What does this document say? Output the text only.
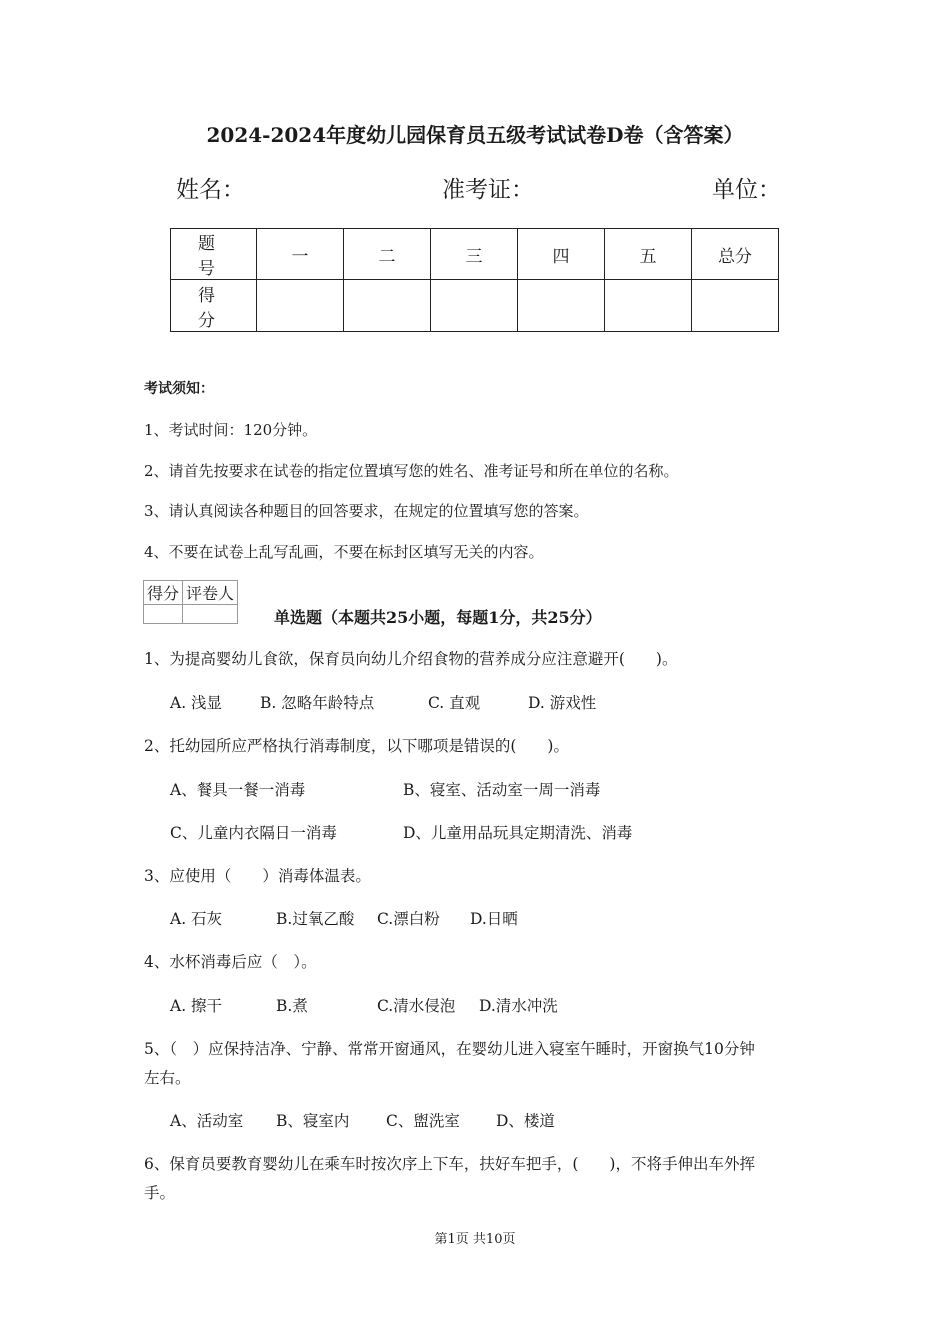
2024-2024年度幼儿园保育员五级考试试卷D卷（含答案）
姓名：	准考证：	单位：
题　号	一	二	三	四	五	总分
得　分						
考试须知：
1、考试时间：120分钟。
2、请首先按要求在试卷的指定位置填写您的姓名、准考证号和所在单位的名称。
3、请认真阅读各种题目的回答要求，在规定的位置填写您的答案。
4、不要在试卷上乱写乱画，不要在标封区填写无关的内容。
得分	评卷人

单选题（本题共25小题，每题1分，共25分）
1、为提高婴幼儿食欲，保育员向幼儿介绍食物的营养成分应注意避开(　　)。
A. 浅显 B. 忽略年龄特点	C. 直观	D. 游戏性
2、托幼园所应严格执行消毒制度，以下哪项是错误的(　　)。
A、餐具一餐一消毒	B、寝室、活动室一周一消毒
C、儿童内衣隔日一消毒	D、儿童用品玩具定期清洗、消毒
3、应使用（　　）消毒体温表。
A. 石灰	B.过氧乙酸 C.漂白粉 D.日晒
4、水杯消毒后应（　）。
A. 擦干	B.煮	C.清水侵泡 D.清水冲洗
5、（　）应保持洁净、宁静、常常开窗通风，在婴幼儿进入寝室午睡时，开窗换气10分钟
左右。
A、活动室 B、寝室内 C、盥洗室 D、楼道
6、保育员要教育婴幼儿在乘车时按次序上下车，扶好车把手，(　　)，不将手伸出车外挥
手。
第1页 共10页
